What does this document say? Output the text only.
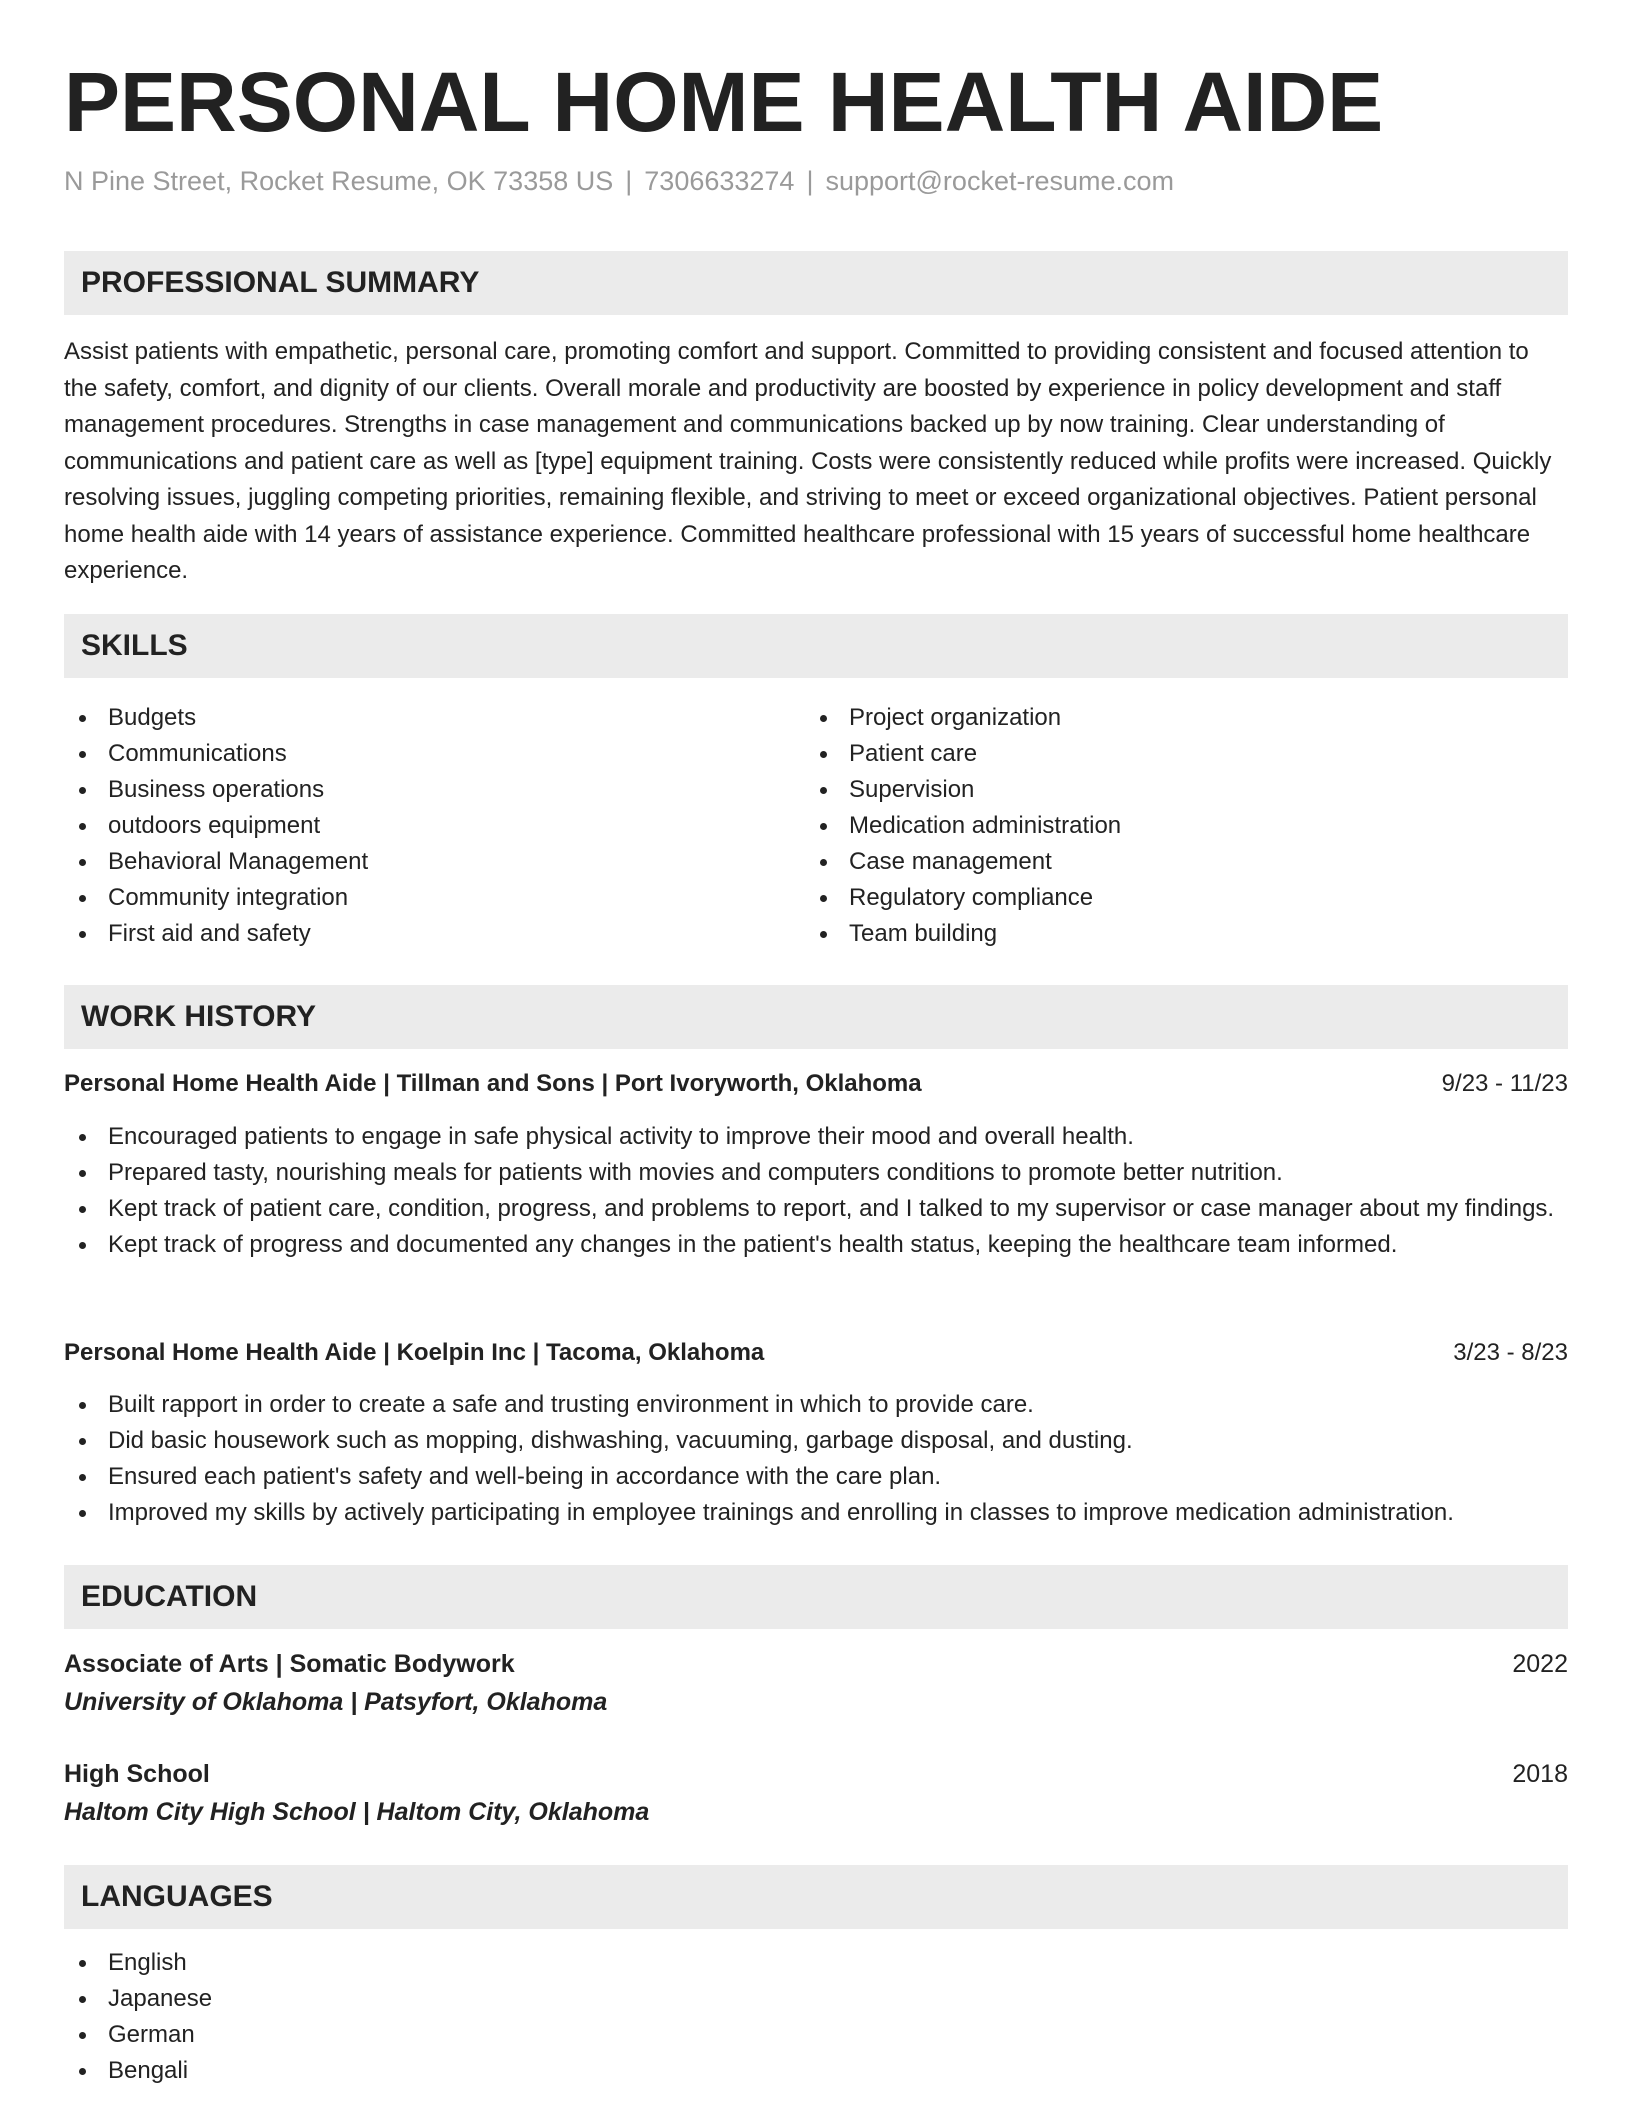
PERSONAL HOME HEALTH AIDE
N Pine Street, Rocket Resume, OK 73358 US | 7306633274 | support@rocket-resume.com
PROFESSIONAL SUMMARY

Assist patients with empathetic, personal care, promoting comfort and support. Committed to providing consistent and focused attention to the safety, comfort, and dignity of our clients. Overall morale and productivity are boosted by experience in policy development and staff management procedures. Strengths in case management and communications backed up by now training. Clear understanding of communications and patient care as well as [type] equipment training. Costs were consistently reduced while profits were increased. Quickly resolving issues, juggling competing priorities, remaining flexible, and striving to meet or exceed organizational objectives. Patient personal home health aide with 14 years of assistance experience. Committed healthcare professional with 15 years of successful home healthcare experience.

SKILLS
Budgets
Communications
Business operations
outdoors equipment
Behavioral Management
Community integration
First aid and safety
Project organization
Patient care
Supervision
Medication administration
Case management
Regulatory compliance
Team building
WORK HISTORY
Personal Home Health Aide | Tillman and Sons | Port Ivoryworth, Oklahoma	9/23 - 11/23
Encouraged patients to engage in safe physical activity to improve their mood and overall health.
Prepared tasty, nourishing meals for patients with movies and computers conditions to promote better nutrition.
Kept track of patient care, condition, progress, and problems to report, and I talked to my supervisor or case manager about my findings.
Kept track of progress and documented any changes in the patient's health status, keeping the healthcare team informed.
Personal Home Health Aide | Koelpin Inc | Tacoma, Oklahoma	3/23 - 8/23
Built rapport in order to create a safe and trusting environment in which to provide care.
Did basic housework such as mopping, dishwashing, vacuuming, garbage disposal, and dusting.
Ensured each patient's safety and well-being in accordance with the care plan.
Improved my skills by actively participating in employee trainings and enrolling in classes to improve medication administration.
EDUCATION
Associate of Arts | Somatic Bodywork	2022
University of Oklahoma | Patsyfort, Oklahoma
High School	2018
Haltom City High School | Haltom City, Oklahoma
LANGUAGES
English
Japanese
German
Bengali
